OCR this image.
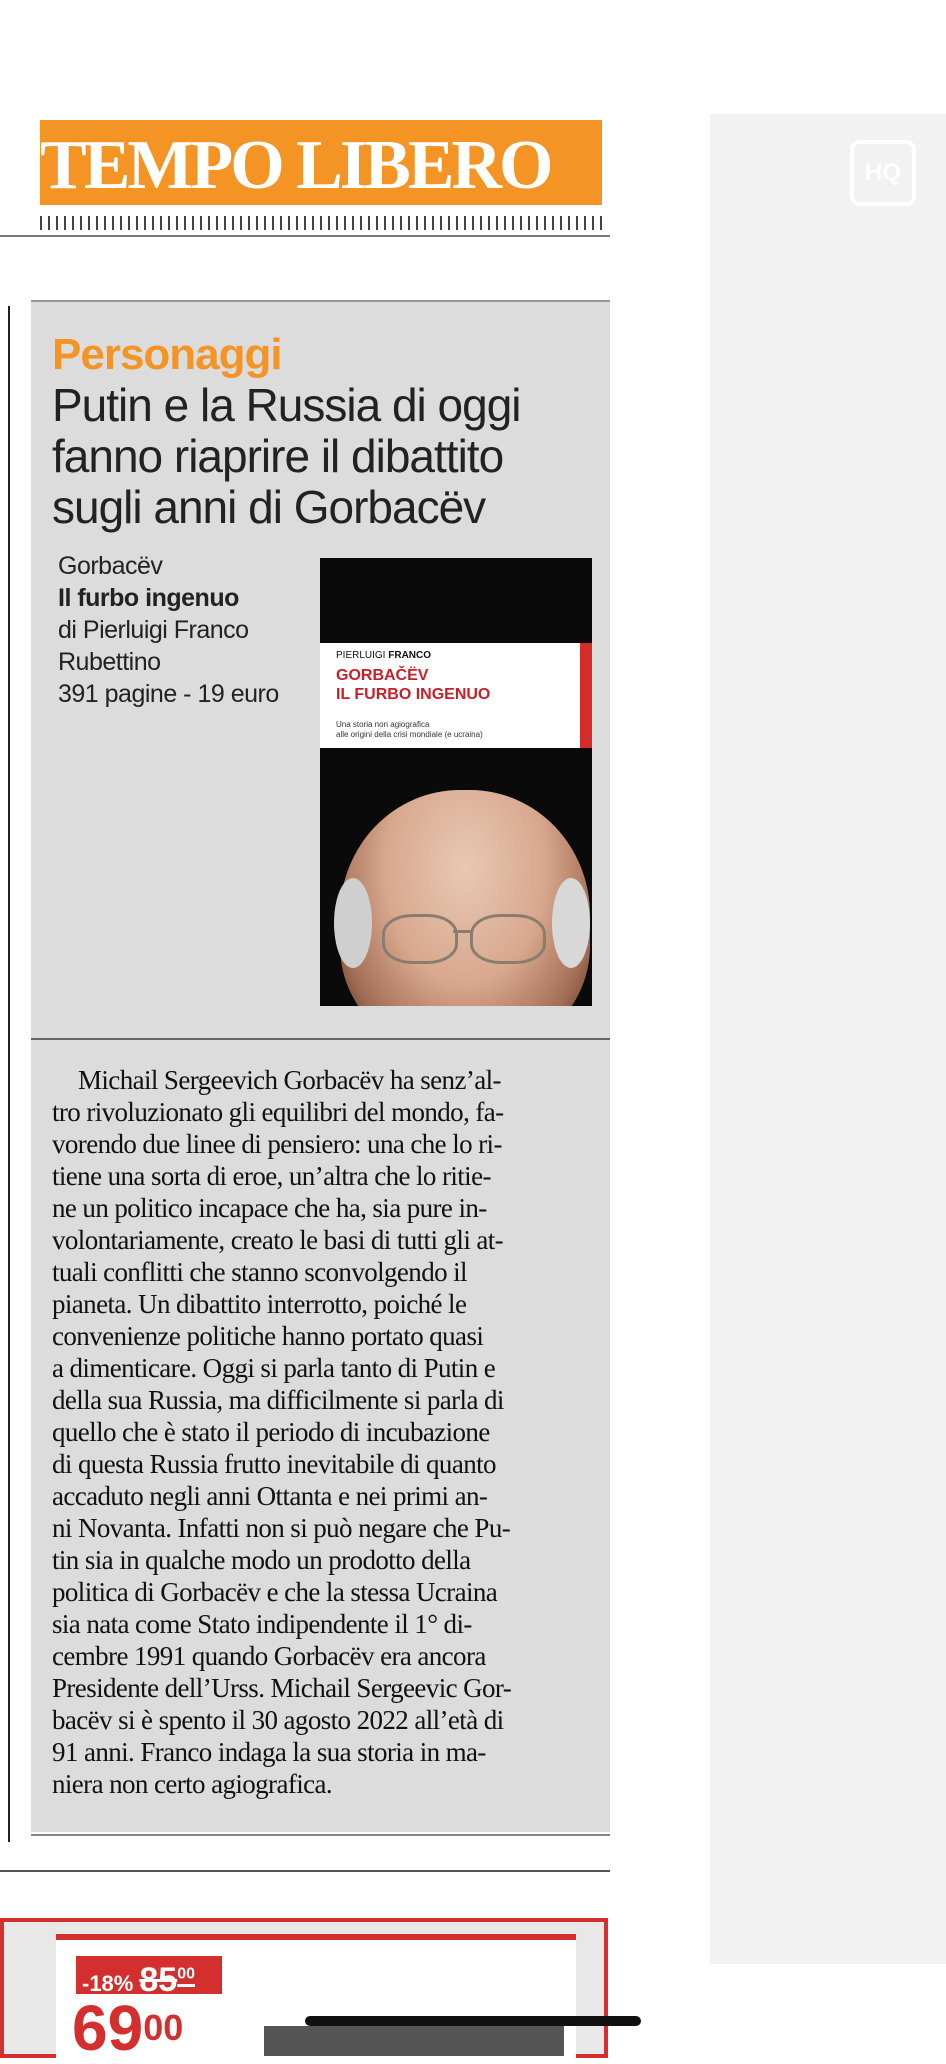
TEMPO LIBERO
Personaggi
Putin e la Russia di oggi
fanno riaprire il dibattito
sugli anni di Gorbacëv
Gorbacëv
Il furbo ingenuo
di Pierluigi Franco
Rubettino
391 pagine - 19 euro
PIERLUIGI FRANCO
GORBAČËV
IL FURBO INGENUO
Una storia non agiografica
alle origini della crisi mondiale (e ucraina)
Michail Sergeevich Gorbacëv ha senz’al-
tro rivoluzionato gli equilibri del mondo, fa-
vorendo due linee di pensiero: una che lo ri-
tiene una sorta di eroe, un’altra che lo ritie-
ne un politico incapace che ha, sia pure in-
volontariamente, creato le basi di tutti gli at-
tuali conflitti che stanno sconvolgendo il
pianeta. Un dibattito interrotto, poiché le
convenienze politiche hanno portato quasi
a dimenticare. Oggi si parla tanto di Putin e
della sua Russia, ma difficilmente si parla di
quello che è stato il periodo di incubazione
di questa Russia frutto inevitabile di quanto
accaduto negli anni Ottanta e nei primi an-
ni Novanta. Infatti non si può negare che Pu-
tin sia in qualche modo un prodotto della
politica di Gorbacëv e che la stessa Ucraina
sia nata come Stato indipendente il 1° di-
cembre 1991 quando Gorbacëv era ancora
Presidente dell’Urss. Michail Sergeevic Gor-
bacëv si è spento il 30 agosto 2022 all’età di
91 anni. Franco indaga la sua storia in ma-
niera non certo agiografica.
-18% $85^{00}$
$69^{00}$
HQ
